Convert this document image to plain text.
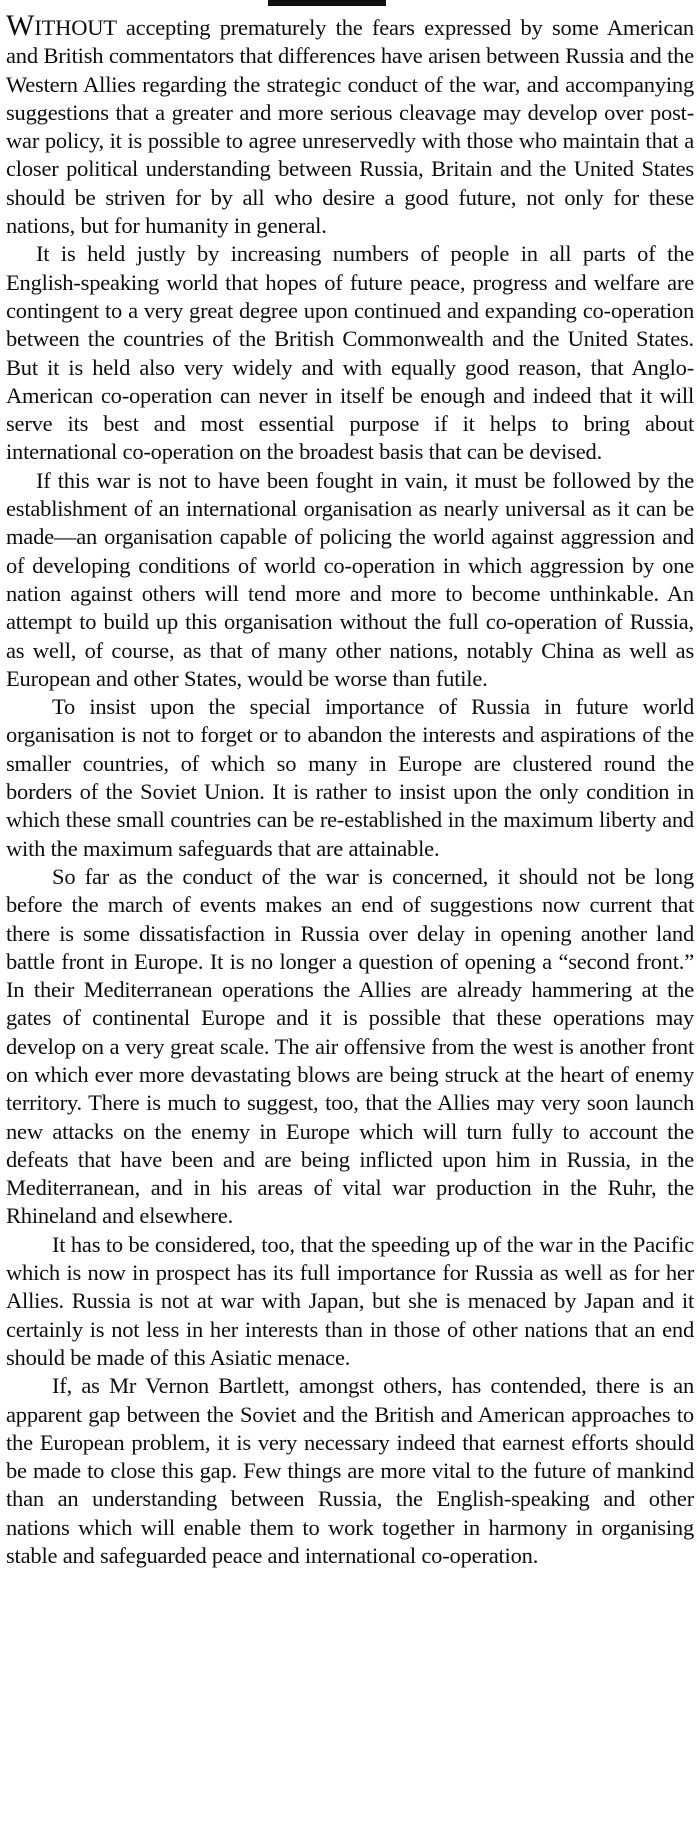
WITHOUT accepting prematurely the fears expressed by some American and British commentators that differences have arisen between Russia and the Western Allies regarding the strategic conduct of the war, and accompanying suggestions that a greater and more serious cleavage may develop over post-war policy, it is possible to agree unreservedly with those who maintain that a closer political understanding between Russia, Britain and the United States should be striven for by all who desire a good future, not only for these nations, but for humanity in general.

It is held justly by increasing numbers of people in all parts of the English-speaking world that hopes of future peace, progress and welfare are contingent to a very great degree upon continued and expanding co-operation between the countries of the British Commonwealth and the United States. But it is held also very widely and with equally good reason, that Anglo-American co-operation can never in itself be enough and indeed that it will serve its best and most essential purpose if it helps to bring about international co-operation on the broadest basis that can be devised.

If this war is not to have been fought in vain, it must be followed by the establishment of an international organisation as nearly universal as it can be made—an organisation capable of policing the world against aggression and of developing conditions of world co-operation in which aggression by one nation against others will tend more and more to become unthinkable. An attempt to build up this organisation without the full co-operation of Russia, as well, of course, as that of many other nations, notably China as well as European and other States, would be worse than futile.

To insist upon the special importance of Russia in future world organisation is not to forget or to abandon the interests and aspirations of the smaller countries, of which so many in Europe are clustered round the borders of the Soviet Union. It is rather to insist upon the only condition in which these small countries can be re-established in the maximum liberty and with the maximum safeguards that are attainable.

So far as the conduct of the war is concerned, it should not be long before the march of events makes an end of suggestions now current that there is some dissatisfaction in Russia over delay in opening another land battle front in Europe. It is no longer a question of opening a “second front.” In their Mediterranean operations the Allies are already hammering at the gates of continental Europe and it is possible that these operations may develop on a very great scale. The air offensive from the west is another front on which ever more devastating blows are being struck at the heart of enemy territory. There is much to suggest, too, that the Allies may very soon launch new attacks on the enemy in Europe which will turn fully to account the defeats that have been and are being inflicted upon him in Russia, in the Mediterranean, and in his areas of vital war production in the Ruhr, the Rhineland and elsewhere.

It has to be considered, too, that the speeding up of the war in the Pacific which is now in prospect has its full importance for Russia as well as for her Allies. Russia is not at war with Japan, but she is menaced by Japan and it certainly is not less in her interests than in those of other nations that an end should be made of this Asiatic menace.

If, as Mr Vernon Bartlett, amongst others, has contended, there is an apparent gap between the Soviet and the British and American approaches to the European problem, it is very necessary indeed that earnest efforts should be made to close this gap. Few things are more vital to the future of mankind than an understanding between Russia, the English-speaking and other nations which will enable them to work together in harmony in organising stable and safeguarded peace and international co-operation.
